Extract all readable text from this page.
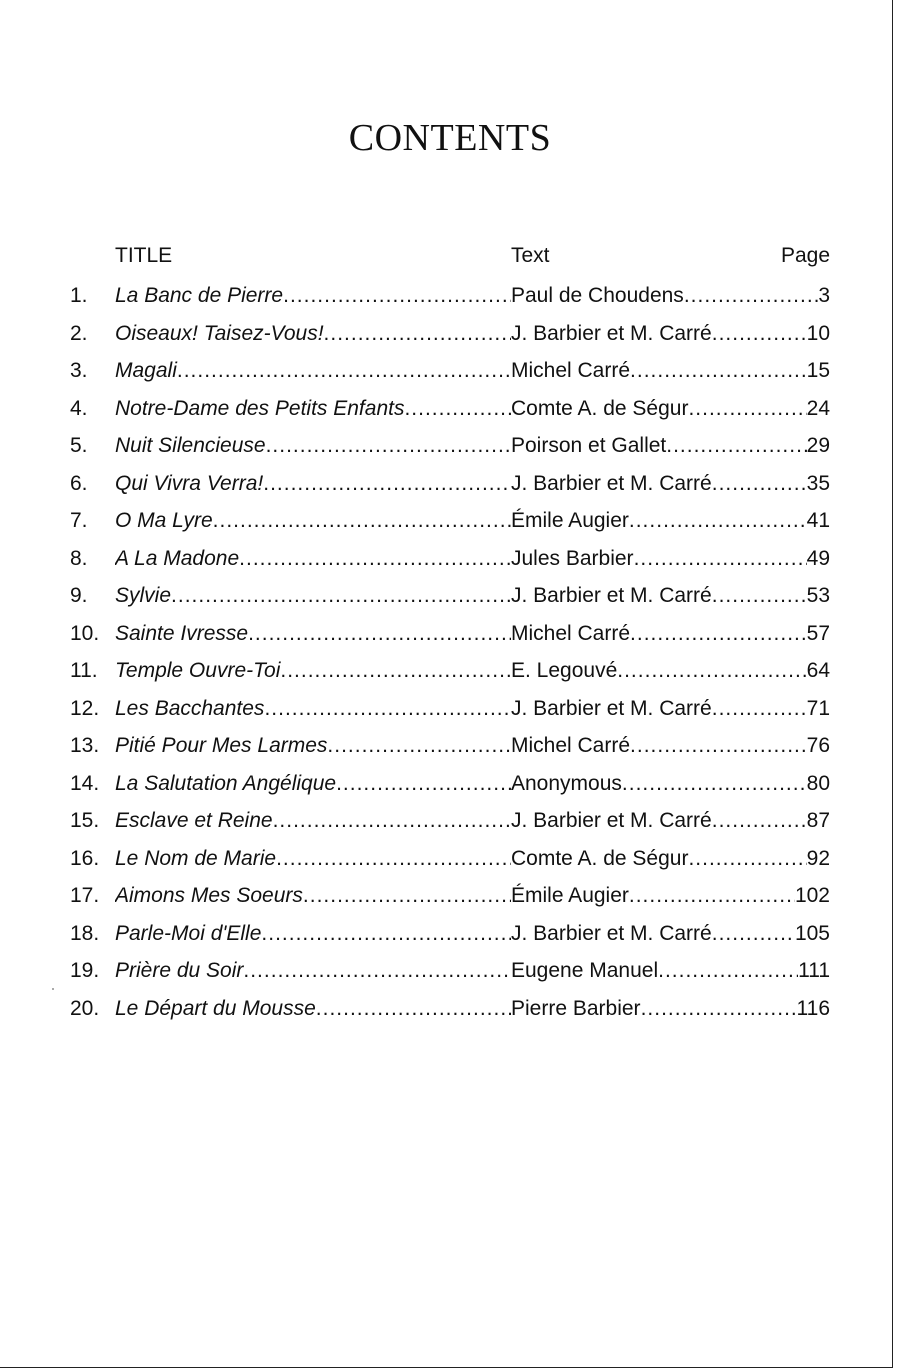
CONTENTS
TITLE	Text	Page
1. La Banc de Pierre .....	Paul de Choudens .....	3
2. Oiseaux! Taisez-Vous! .....	J. Barbier et M. Carré .....	10
3. Magali .....	Michel Carré .....	15
4. Notre-Dame des Petits Enfants .....	Comte A. de Ségur .....	24
5. Nuit Silencieuse .....	Poirson et Gallet .....	29
6. Qui Vivra Verra! .....	J. Barbier et M. Carré .....	35
7. O Ma Lyre .....	Émile Augier .....	41
8. A La Madone .....	Jules Barbier .....	49
9. Sylvie .....	J. Barbier et M. Carré .....	53
10. Sainte Ivresse .....	Michel Carré .....	57
11. Temple Ouvre-Toi .....	E. Legouvé .....	64
12. Les Bacchantes .....	J. Barbier et M. Carré .....	71
13. Pitié Pour Mes Larmes .....	Michel Carré .....	76
14. La Salutation Angélique .....	Anonymous .....	80
15. Esclave et Reine .....	J. Barbier et M. Carré .....	87
16. Le Nom de Marie .....	Comte A. de Ségur .....	92
17. Aimons Mes Soeurs .....	Émile Augier .....	102
18. Parle-Moi d'Elle .....	J. Barbier et M. Carré .....	105
19. Prière du Soir .....	Eugene Manuel .....	111
20. Le Départ du Mousse .....	Pierre Barbier .....	116
